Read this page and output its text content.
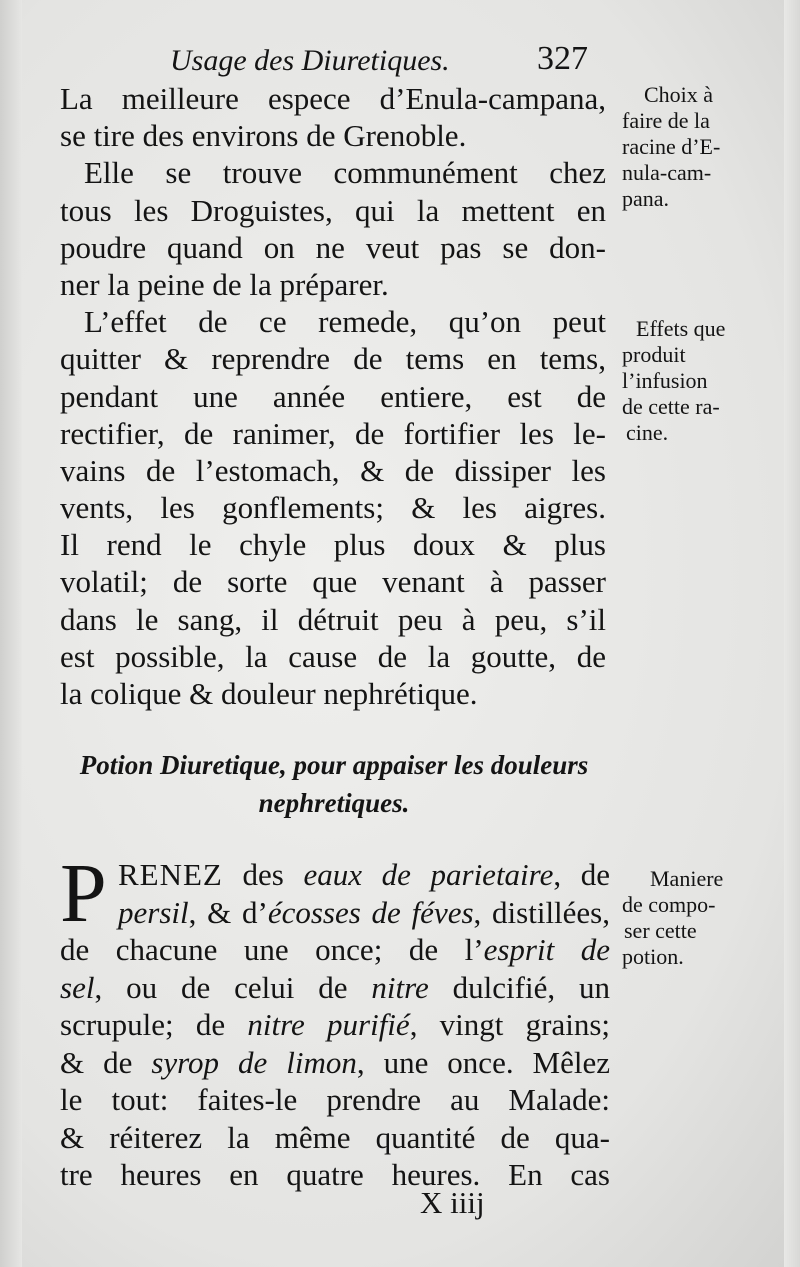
Usage des Diuretiques.	327
La meilleure espece d’Enula-campana,
se tire des environs de Grenoble.
Elle se trouve communément chez
tous les Droguistes, qui la mettent en
poudre quand on ne veut pas se don-
ner la peine de la préparer.
L’effet de ce remede, qu’on peut
quitter & reprendre de tems en tems,
pendant une année entiere, est de
rectifier, de ranimer, de fortifier les le-
vains de l’estomach, & de dissiper les
vents, les gonflements; & les aigres.
Il rend le chyle plus doux & plus
volatil; de sorte que venant à passer
dans le sang, il détruit peu à peu, s’il
est possible, la cause de la goutte, de
la colique & douleur nephrétique.
Potion Diuretique, pour appaiser les douleurs
nephretiques.
P RENEZ des eaux de parietaire, de
persil, & d’écosses de féves, distillées,
de chacune une once; de l’esprit de
sel, ou de celui de nitre dulcifié, un
scrupule; de nitre purifié, vingt grains;
& de syrop de limon, une once. Mêlez
le tout: faites-le prendre au Malade:
& réiterez la même quantité de qua-
tre heures en quatre heures. En cas
X iiij
Choix à
faire de la
racine d’E-
nula-cam-
pana.
Effets que
produit
l’infusion
de cette ra-
cine.
Maniere
de compo-
ser cette
potion.
